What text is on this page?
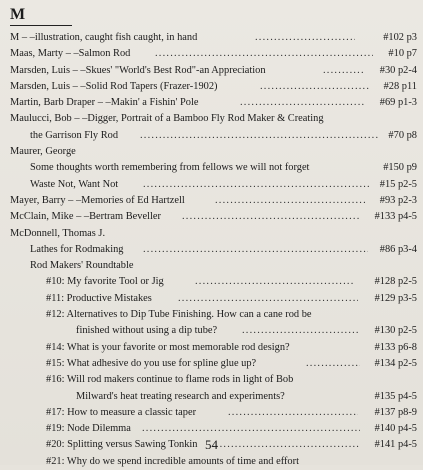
M
M – –illustration, caught fish caught, in hand .....	#102 p3
Maas, Marty – –Salmon Rod .....	#10 p7
Marsden, Luis – –Skues' "World's Best Rod"-an Appreciation .....	#30 p2-4
Marsden, Luis – –Solid Rod Tapers (Frazer-1902) .....	#28 p11
Martin, Barb Draper – –Makin' a Fishin' Pole .....	#69 p1-3
Maulucci, Bob – –Digger, Portrait of a Bamboo Fly Rod Maker & Creating
the Garrison Fly Rod .....	#70 p8
Maurer, George
Some thoughts worth remembering from fellows we will not forget	#150 p9
Waste Not, Want Not .....	#15 p2-5
Mayer, Barry – –Memories of Ed Hartzell .....	#93 p2-3
McClain, Mike – –Bertram Beveller .....	#133 p4-5
McDonnell, Thomas J.
Lathes for Rodmaking .....	#86 p3-4
Rod Makers' Roundtable
#10: My favorite Tool or Jig .....	#128 p2-5
#11: Productive Mistakes .....	#129 p3-5
#12: Alternatives to Dip Tube Finishing. How can a cane rod be
finished without using a dip tube? .....	#130 p2-5
#14: What is your favorite or most memorable rod design?	#133 p6-8
#15: What adhesive do you use for spline glue up? .....	#134 p2-5
#16: Will rod makers continue to flame rods in light of Bob
Milward's heat treating research and experiments?	#135 p4-5
#17: How to measure a classic taper .....	#137 p8-9
#19: Node Dilemma .....	#140 p4-5
#20: Splitting versus Sawing Tonkin .....	#141 p4-5
#21: Why do we spend incredible amounts of time and effort
54
